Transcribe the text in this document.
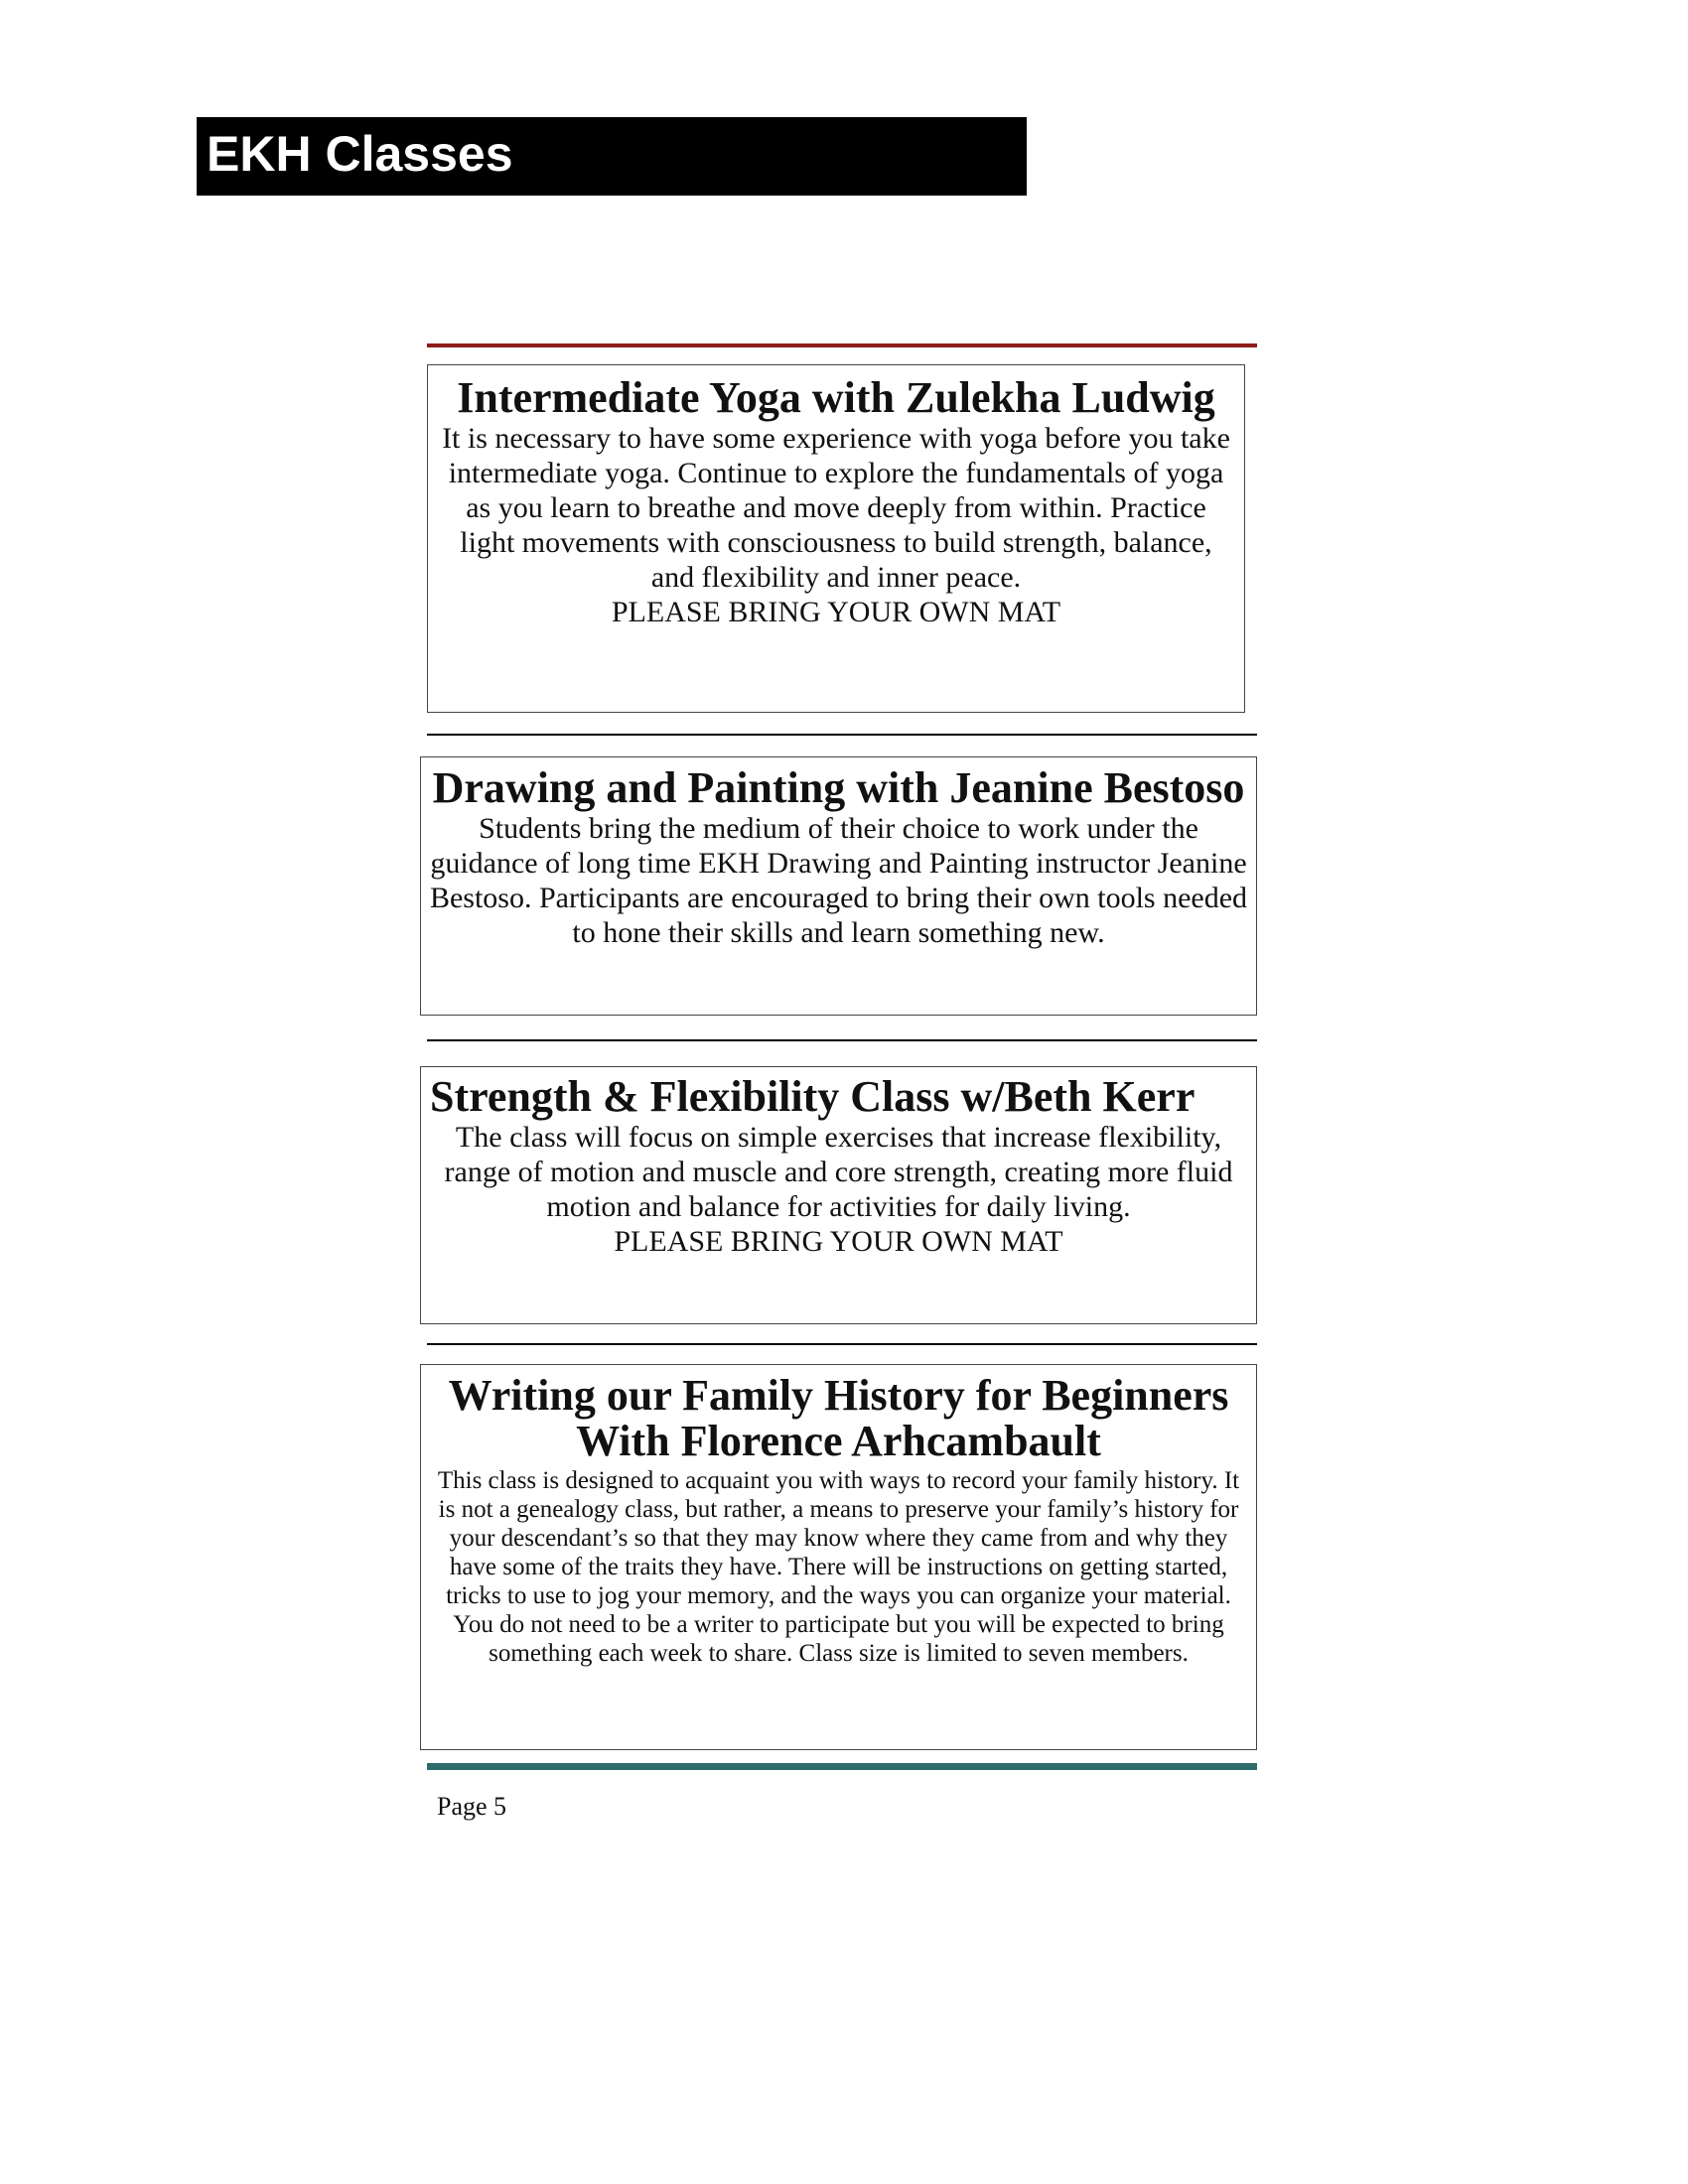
EKH Classes

Intermediate Yoga with Zulekha Ludwig

It is necessary to have some experience with yoga before you take intermediate yoga. Continue to explore the fundamentals of yoga as you learn to breathe and move deeply from within. Practice light movements with consciousness to build strength, balance, and flexibility and inner peace.

PLEASE BRING YOUR OWN MAT

Drawing and Painting with Jeanine Bestoso

Students bring the medium of their choice to work under the guidance of long time EKH Drawing and Painting instructor Jeanine Bestoso. Participants are encouraged to bring their own tools needed to hone their skills and learn something new.

Strength & Flexibility Class w/Beth Kerr

The class will focus on simple exercises that increase flexibility, range of motion and muscle and core strength, creating more fluid motion and balance for activities for daily living.

PLEASE BRING YOUR OWN MAT

Writing our Family History for Beginners
With Florence Arhcambault

This class is designed to acquaint you with ways to record your family history. It is not a genealogy class, but rather, a means to preserve your family’s history for your descendant’s so that they may know where they came from and why they have some of the traits they have. There will be instructions on getting started, tricks to use to jog your memory, and the ways you can organize your material. You do not need to be a writer to participate but you will be expected to bring something each week to share. Class size is limited to seven members.

Page 5
